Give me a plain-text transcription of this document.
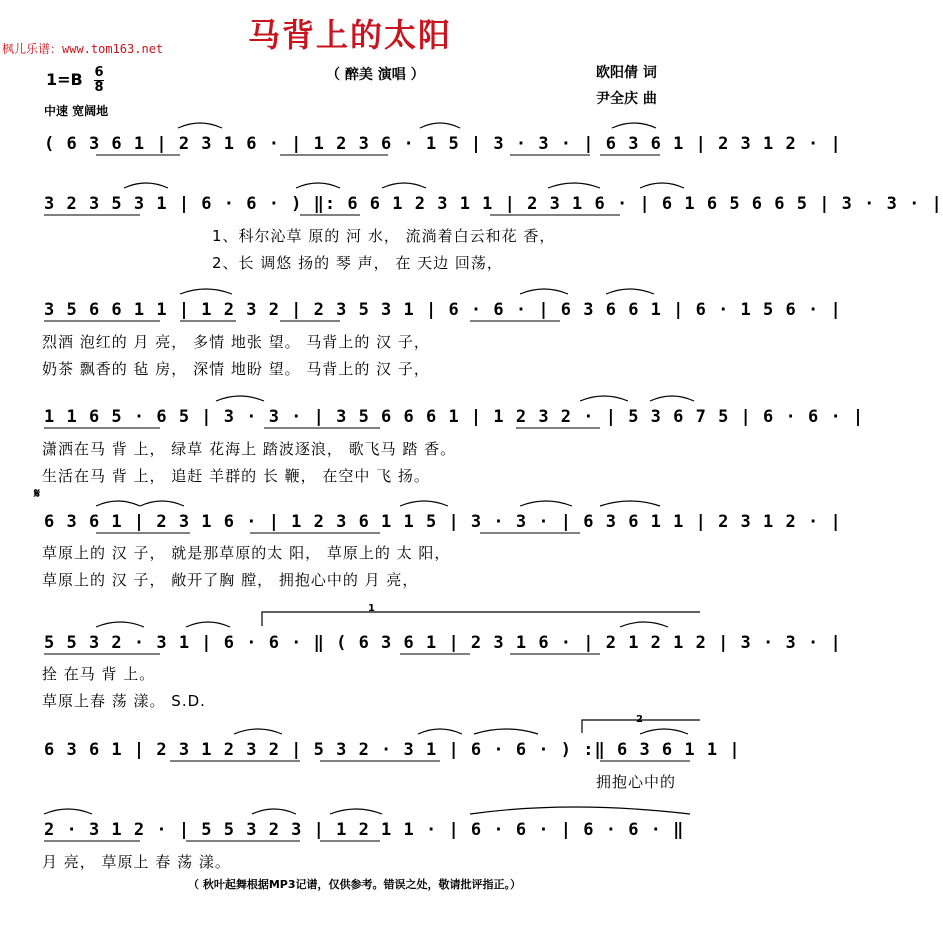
枫儿乐谱：www.tom163.net	马背上的太阳
（ 醉美 演唱 ）	欧阳倩 词
尹全庆 曲
1=B 6
8
中速 宽阔地
( 6 3 6 1 | 2 3 1 6 · | 1 2 3 6 · 1 5 | 3 · 3 · | 6 3 6 1 | 2 3 1 2 · |
3 2 3 5 3 1 | 6 · 6 · ) ‖: 6 6 1 2 3 1 1 | 2 3 1 6 · | 6 1 6 5 6 6 5 | 3 · 3 · |
1、科尔沁草 原的 河 水， 流淌着白云和花 香，
2、长 调悠 扬的 琴 声， 在 天边 回荡，
3 5 6 6 1 1 | 1 2 3 2 | 2 3 5 3 1 | 6 · 6 · | 6 3 6 6 1 | 6 · 1 5 6 · |
烈酒 泡红的 月 亮， 多情 地张 望。 马背上的 汉 子，
奶茶 飘香的 毡 房， 深情 地盼 望。 马背上的 汉 子，
1 1 6 5 · 6 5 | 3 · 3 · | 3 5 6 6 6 1 | 1 2 3 2 · | 5 3 6 7 5 | 6 · 6 · |
潇洒在马 背 上， 绿草 花海上 踏波逐浪， 歌飞马 踏 香。
生活在马 背 上， 追赶 羊群的 长 鞭， 在空中 飞 扬。
𝄋
6 3 6 1 | 2 3 1 6 · | 1 2 3 6 1 1 5 | 3 · 3 · | 6 3 6 1 1 | 2 3 1 2 · |
草原上的 汉 子， 就是那草原的太 阳， 草原上的 太 阳，
草原上的 汉 子， 敞开了胸 膛， 拥抱心中的 月 亮，
1
5 5 3 2 · 3 1 | 6 · 6 · ‖ ( 6 3 6 1 | 2 3 1 6 · | 2 1 2 1 2 | 3 · 3 · |
拴 在马 背 上。
草原上春 荡 漾。 S.D.
2
6 3 6 1 | 2 3 1 2 3 2 | 5 3 2 · 3 1 | 6 · 6 · ) :‖ 6 3 6 1 1 |
拥抱心中的
2 · 3 1 2 · | 5 5 3 2 3 | 1 2 1 1 · | 6 · 6 · | 6 · 6 · ‖
月 亮， 草原上 春 荡 漾。
（ 秋叶起舞根据MP3记谱，仅供参考。错误之处，敬请批评指正。）
